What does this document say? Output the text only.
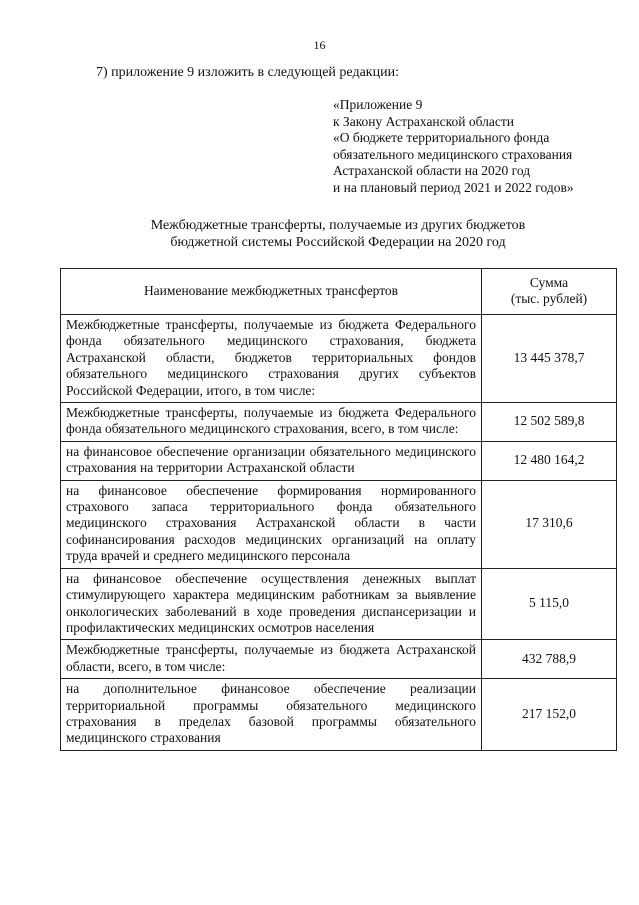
16
7) приложение 9 изложить в следующей редакции:
«Приложение 9
к Закону Астраханской области
«О бюджете территориального фонда
обязательного медицинского страхования
Астраханской области на 2020 год
и на плановый период 2021 и 2022 годов»
Межбюджетные трансферты, получаемые из других бюджетов
бюджетной системы Российской Федерации на 2020 год
Наименование межбюджетных трансфертов	Сумма
(тыс. рублей)

Межбюджетные трансферты, получаемые из бюджета Федерального фонда обязательного медицинского страхования, бюджета Астраханской области, бюджетов территориальных фондов обязательного медицинского страхования других субъектов Российской Федерации, итого, в том числе:	13 445 378,7
Межбюджетные трансферты, получаемые из бюджета Федерального фонда обязательного медицинского страхования, всего, в том числе:	12 502 589,8
на финансовое обеспечение организации обязательного медицинского страхования на территории Астраханской области	12 480 164,2
на финансовое обеспечение формирования нормированного страхового запаса территориального фонда обязательного медицинского страхования Астраханской области в части софинансирования расходов медицинских организаций на оплату труда врачей и среднего медицинского персонала	17 310,6
на финансовое обеспечение осуществления денежных выплат стимулирующего характера медицинским работникам за выявление онкологических заболеваний в ходе проведения диспансеризации и профилактических медицинских осмотров населения	5 115,0
Межбюджетные трансферты, получаемые из бюджета Астраханской области, всего, в том числе:	432 788,9
на дополнительное финансовое обеспечение реализации территориальной программы обязательного медицинского страхования в пределах базовой программы обязательного медицинского страхования	217 152,0
